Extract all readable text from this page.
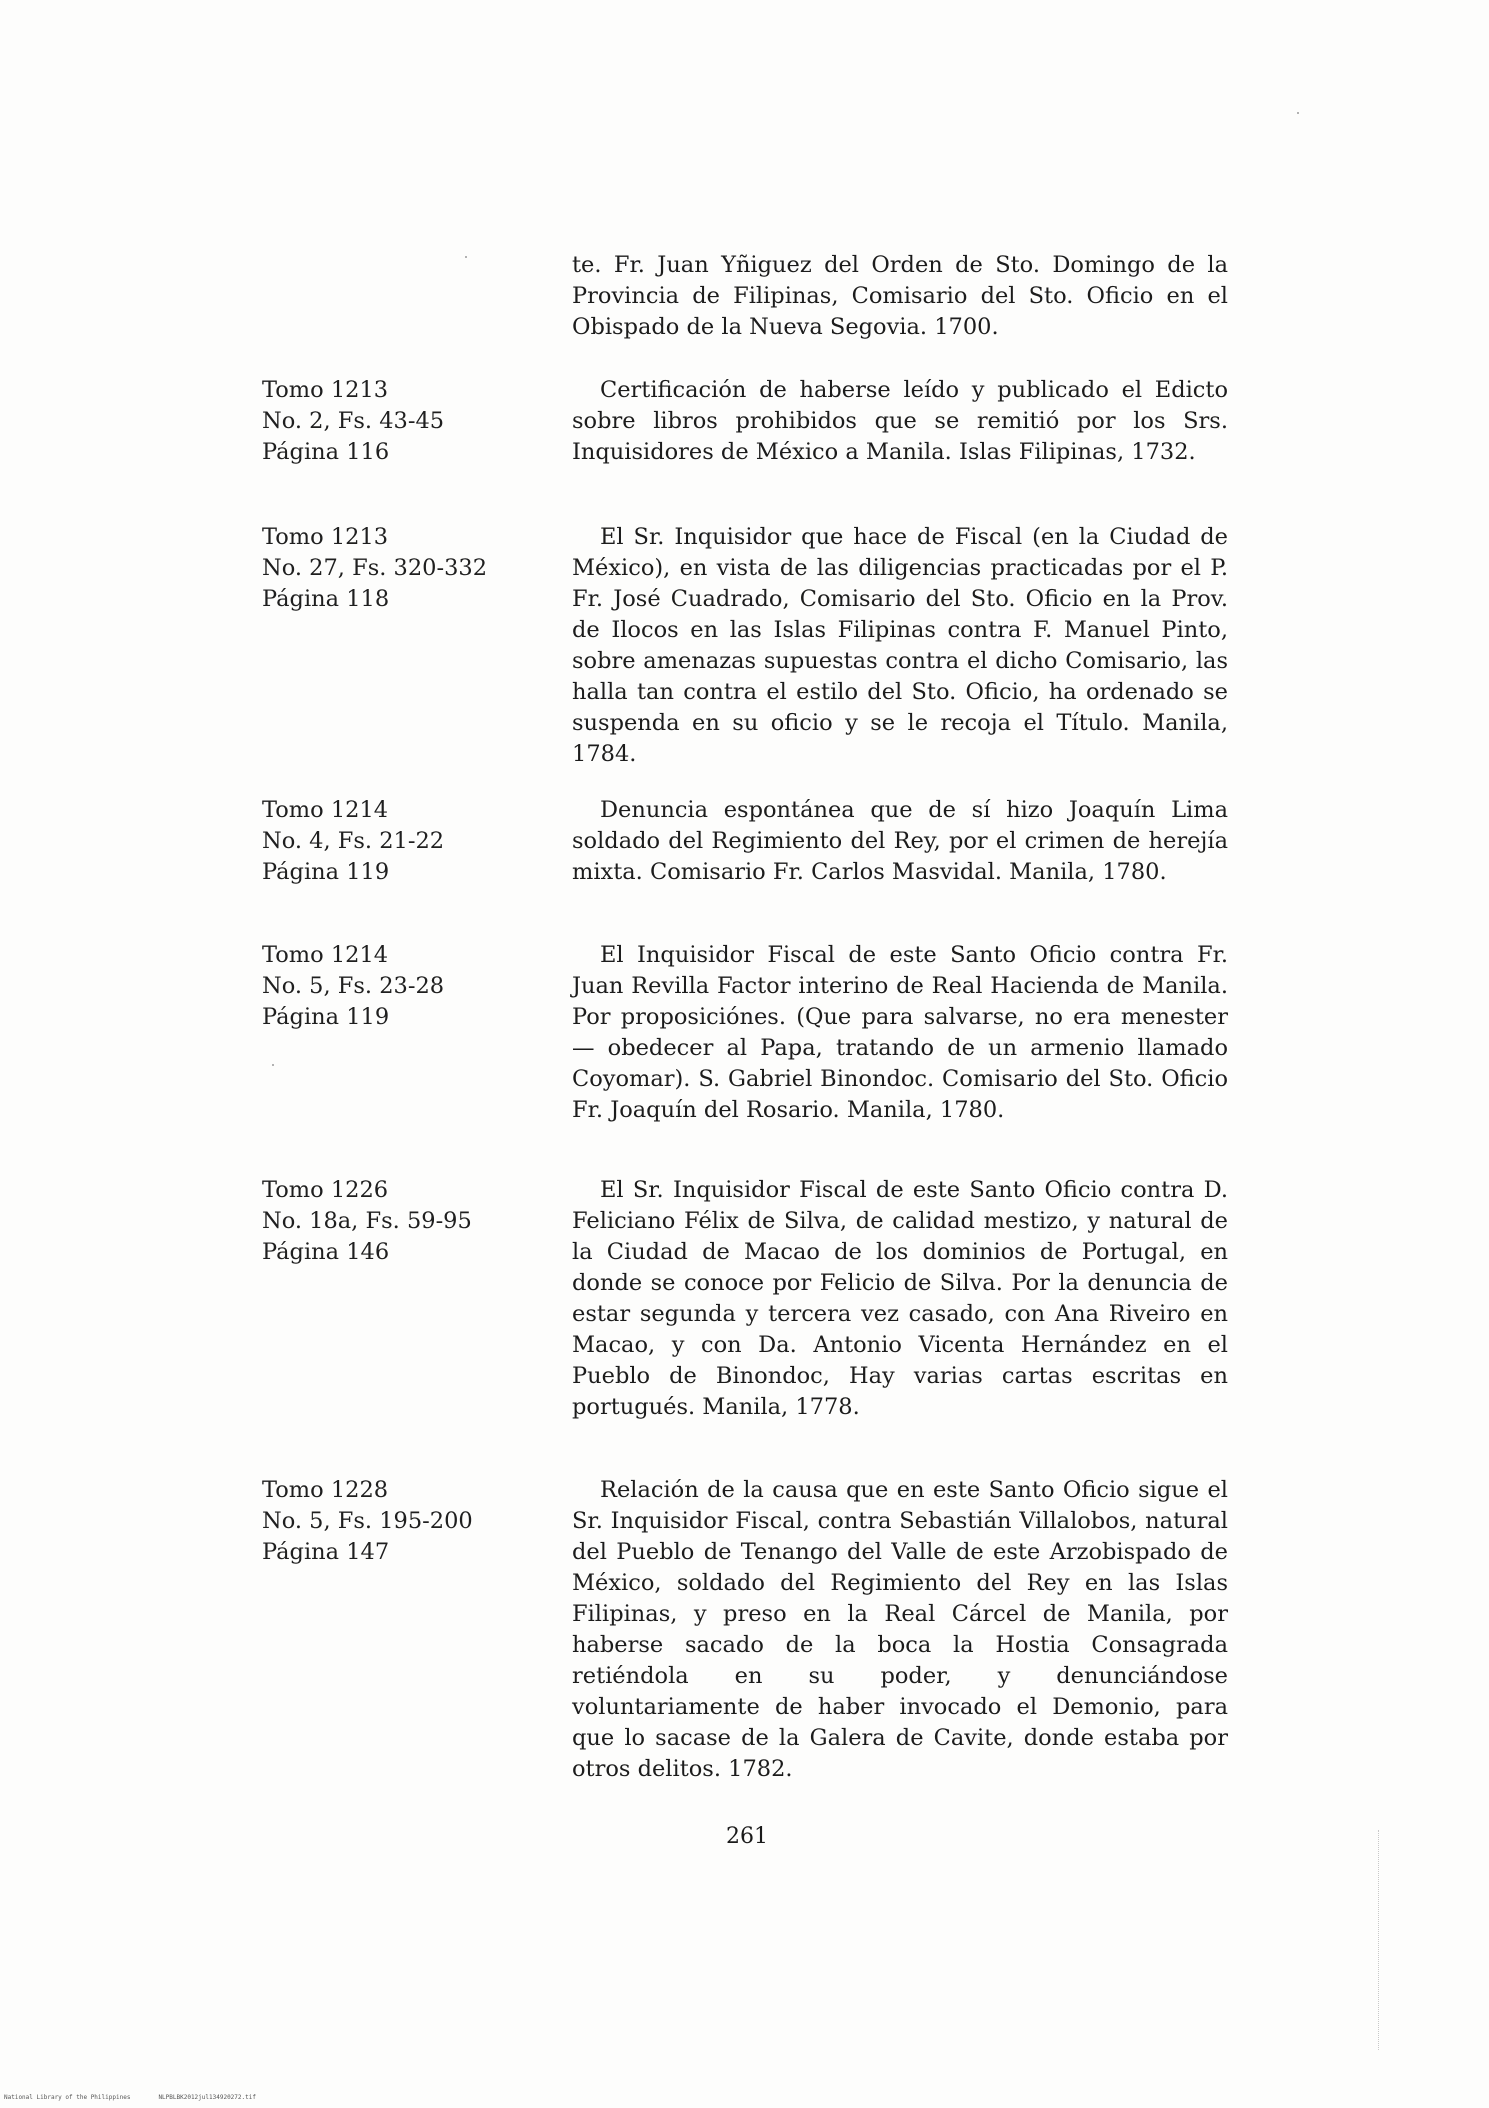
te. Fr. Juan Yñiguez del Orden de Sto. Domingo de la Provincia de Filipinas, Comisario del Sto. Oficio en el Obispado de la Nueva Segovia. 1700.
Tomo 1213
No. 2, Fs. 43-45
Página 116
Certificación de haberse leído y publicado el Edicto sobre libros prohibidos que se remitió por los Srs. Inquisidores de México a Manila. Islas Filipinas, 1732.
Tomo 1213
No. 27, Fs. 320-332
Página 118
El Sr. Inquisidor que hace de Fiscal (en la Ciudad de México), en vista de las diligencias practicadas por el P. Fr. José Cuadrado, Comisario del Sto. Oficio en la Prov. de Ilocos en las Islas Filipinas contra F. Manuel Pinto, sobre amenazas supuestas contra el dicho Comisario, las halla tan contra el estilo del Sto. Oficio, ha ordenado se suspenda en su oficio y se le recoja el Título. Manila, 1784.
Tomo 1214
No. 4, Fs. 21-22
Página 119
Denuncia espontánea que de sí hizo Joaquín Lima soldado del Regimiento del Rey, por el crimen de herejía mixta. Comisario Fr. Carlos Masvidal. Manila, 1780.
Tomo 1214
No. 5, Fs. 23-28
Página 119
El Inquisidor Fiscal de este Santo Oficio contra Fr. Juan Revilla Factor interino de Real Hacienda de Manila. Por proposiciónes. (Que para salvarse, no era menester — obedecer al Papa, tratando de un armenio llamado Coyomar). S. Gabriel Binondoc. Comisario del Sto. Oficio Fr. Joaquín del Rosario. Manila, 1780.
Tomo 1226
No. 18a, Fs. 59-95
Página 146
El Sr. Inquisidor Fiscal de este Santo Oficio contra D. Feliciano Félix de Silva, de calidad mestizo, y natural de la Ciudad de Macao de los dominios de Portugal, en donde se conoce por Felicio de Silva. Por la denuncia de estar segunda y tercera vez casado, con Ana Riveiro en Macao, y con Da. Antonio Vicenta Hernández en el Pueblo de Binondoc, Hay varias cartas escritas en portugués. Manila, 1778.
Tomo 1228
No. 5, Fs. 195-200
Página 147
Relación de la causa que en este Santo Oficio sigue el Sr. Inquisidor Fiscal, contra Sebastián Villalobos, natural del Pueblo de Tenango del Valle de este Arzobispado de México, soldado del Regimiento del Rey en las Islas Filipinas, y preso en la Real Cárcel de Manila, por haberse sacado de la boca la Hostia Consagrada retiéndola en su poder, y denunciándose voluntariamente de haber invocado el Demonio, para que lo sacase de la Galera de Cavite, donde estaba por otros delitos. 1782.
261
National Library of the Philippines	NLPBLBK2012jul134920272.tif
